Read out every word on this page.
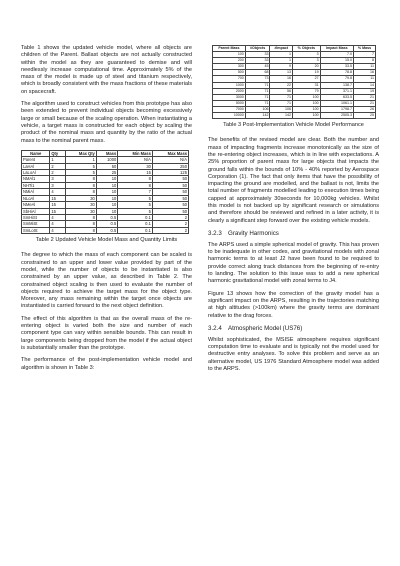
Table 1 shows the updated vehicle model, where all objects are children of the Parent. Ballast objects are not actually constructed within the model as they are guaranteed to demise and will needlessly increase computational time. Approximately 5% of the mass of the model is made up of steel and titanium respectively, which is broadly consistent with the mass fractions of these materials on spacecraft.

The algorithm used to construct vehicles from this prototype has also been extended to prevent individual objects becoming excessively large or small because of the scaling operation. When instantiating a vehicle, a target mass is constructed for each object by scaling the product of the nominal mass and quantity by the ratio of the actual mass to the nominal parent mass.

Name	Qty	Max Qty	Mass	Min Mass	Max Mass
Parent	1	1	1000	N/A	N/A
LaHAl	2	5	50	30	250
LaLoAl	2	5	25	15	125
NMAl1	3	8	10	8	50
NHTi1	3	8	10	8	50
NMiAl	4	8	10	7	50
NLoAl	15	30	10	5	50
NMeAl	15	30	10	5	50
SbHiAl	15	30	10	5	50
SmHiSt	4	8	0.5	0.1	2
SmMiSt	4	8	0.5	0.1	2
SmLoSt	4	8	0.5	0.1	2
Table 2 Updated Vehicle Model Mass and Quantity Limits

The degree to which the mass of each component can be scaled is constrained to an upper and lower value provided by part of the model, while the number of objects to be instantiated is also constrained by an upper value, as described in Table 2. The constrained object scaling is then used to evaluate the number of objects required to achieve the target mass for the object type. Moreover, any mass remaining within the target once objects are instantiated is carried forward to the next object definition.

The effect of this algorithm is that as the overall mass of the re-entering object is varied both the size and number of each component type can vary within sensible bounds. This can result in large components being dropped from the model if the actual object is substantially smaller than the prototype.

The performance of the post-implementation vehicle model and algorithm is shown in Table 3:

Parent Mass	#Objects	#Impact	% Objects	Impact Mass	% Mass
100	33	1	3	7.0	7
200	33	1	3	15.0	8
300	45	9	20	33.5	11
500	68	13	19	78.8	16
700	73	16	27	79.8	11
1000	71	22	31	138.7	14
2000	71	56	79	371.1	19
3000	71	71	100	633.5	21
5000	71	71	100	1061.1	21
7000	106	106	100	1798.7	26
10000	142	142	100	2505.3	25
Table 3 Post-Implementation Vehicle Model Performance

The benefits of the revised model are clear. Both the number and mass of impacting fragments increase monotonically as the size of the re-entering object increases, which is in line with expectations. A 25% proportion of parent mass for large objects that impacts the ground falls within the bounds of 10% - 40% reported by Aerospace Corporation (1). The fact that only items that have the possibility of impacting the ground are modelled, and the ballast is not, limits the total number of fragments modelled leading to execution times being capped at approximately 30seconds for 10,000kg vehicles. Whilst this model is not backed up by significant research or simulations and therefore should be reviewed and refined in a later activity, it is clearly a significant step forward over the existing vehicle models.

3.2.3 Gravity Harmonics

The ARPS used a simple spherical model of gravity. This has proven to be inadequate in other codes, and gravitational models with zonal harmonic terms to at least J2 have been found to be required to provide correct along track distances from the beginning of re-entry to landing. The solution to this issue was to add a new spherical harmonic gravitational model with zonal terms to J4.

Figure 13 shows how the correction of the gravity model has a significant impact on the ARPS, resulting in the trajectories matching at high altitudes (>100km) where the gravity terms are dominant relative to the drag forces.

3.2.4 Atmospheric Model (US76)

Whilst sophisticated, the MSISE atmosphere requires significant computation time to evaluate and is typically not the model used for destructive entry analyses. To solve this problem and serve as an alternative model, US 1976 Standard Atmosphere model was added to the ARPS.
